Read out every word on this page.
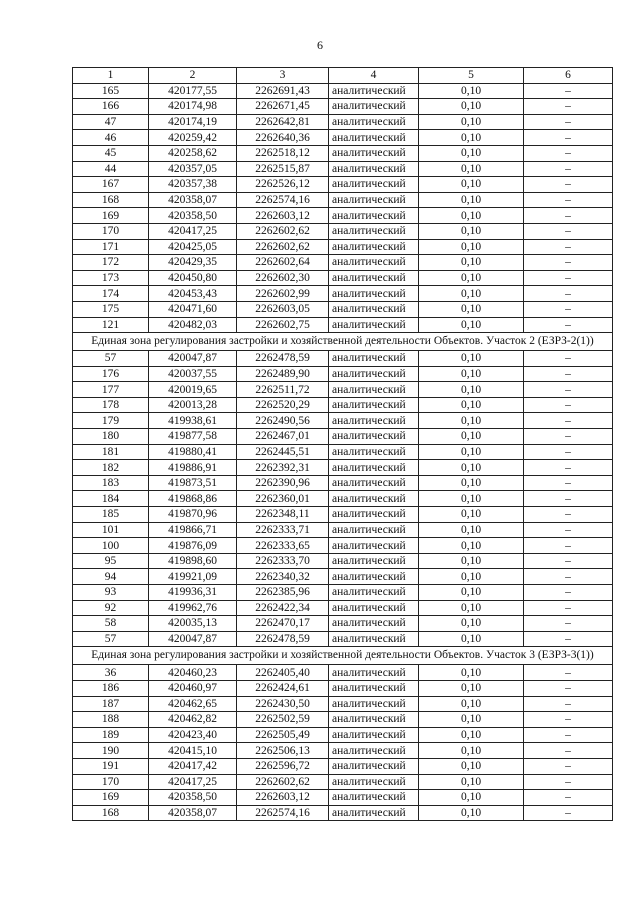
6
1	2	3	4	5	6
165	420177,55	2262691,43	аналитический	0,10	–
166	420174,98	2262671,45	аналитический	0,10	–
47	420174,19	2262642,81	аналитический	0,10	–
46	420259,42	2262640,36	аналитический	0,10	–
45	420258,62	2262518,12	аналитический	0,10	–
44	420357,05	2262515,87	аналитический	0,10	–
167	420357,38	2262526,12	аналитический	0,10	–
168	420358,07	2262574,16	аналитический	0,10	–
169	420358,50	2262603,12	аналитический	0,10	–
170	420417,25	2262602,62	аналитический	0,10	–
171	420425,05	2262602,62	аналитический	0,10	–
172	420429,35	2262602,64	аналитический	0,10	–
173	420450,80	2262602,30	аналитический	0,10	–
174	420453,43	2262602,99	аналитический	0,10	–
175	420471,60	2262603,05	аналитический	0,10	–
121	420482,03	2262602,75	аналитический	0,10	–
Единая зона регулирования застройки и хозяйственной деятельности Объектов. Участок 2 (ЕЗРЗ-2(1))					
57	420047,87	2262478,59	аналитический	0,10	–
176	420037,55	2262489,90	аналитический	0,10	–
177	420019,65	2262511,72	аналитический	0,10	–
178	420013,28	2262520,29	аналитический	0,10	–
179	419938,61	2262490,56	аналитический	0,10	–
180	419877,58	2262467,01	аналитический	0,10	–
181	419880,41	2262445,51	аналитический	0,10	–
182	419886,91	2262392,31	аналитический	0,10	–
183	419873,51	2262390,96	аналитический	0,10	–
184	419868,86	2262360,01	аналитический	0,10	–
185	419870,96	2262348,11	аналитический	0,10	–
101	419866,71	2262333,71	аналитический	0,10	–
100	419876,09	2262333,65	аналитический	0,10	–
95	419898,60	2262333,70	аналитический	0,10	–
94	419921,09	2262340,32	аналитический	0,10	–
93	419936,31	2262385,96	аналитический	0,10	–
92	419962,76	2262422,34	аналитический	0,10	–
58	420035,13	2262470,17	аналитический	0,10	–
57	420047,87	2262478,59	аналитический	0,10	–
Единая зона регулирования застройки и хозяйственной деятельности Объектов. Участок 3 (ЕЗРЗ-3(1))					
36	420460,23	2262405,40	аналитический	0,10	–
186	420460,97	2262424,61	аналитический	0,10	–
187	420462,65	2262430,50	аналитический	0,10	–
188	420462,82	2262502,59	аналитический	0,10	–
189	420423,40	2262505,49	аналитический	0,10	–
190	420415,10	2262506,13	аналитический	0,10	–
191	420417,42	2262596,72	аналитический	0,10	–
170	420417,25	2262602,62	аналитический	0,10	–
169	420358,50	2262603,12	аналитический	0,10	–
168	420358,07	2262574,16	аналитический	0,10	–
